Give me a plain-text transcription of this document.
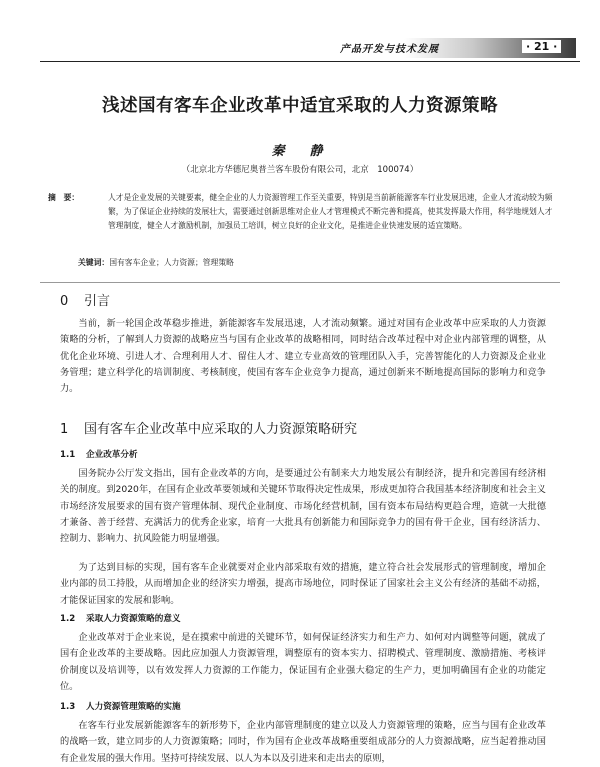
产品开发与技术发展	· 21 ·
浅述国有客车企业改革中适宜采取的人力资源策略
秦　静
（北京北方华德尼奥普兰客车股份有限公司，北京　100074）
摘　要：	人才是企业发展的关键要素，健全企业的人力资源管理工作至关重要，特别是当前新能源客车行业发展迅速，企业人才流动较为频繁，为了保证企业持续的发展壮大，需要通过创新思维对企业人才管理模式不断完善和提高，使其发挥最大作用，科学地规划人才管理制度，健全人才激励机制，加强员工培训，树立良好的企业文化，是推进企业快速发展的适宜策略。
关键词：国有客车企业；人力资源；管理策略
0 引言
当前，新一轮国企改革稳步推进，新能源客车发展迅速，人才流动频繁。通过对国有企业改革中应采取的人力资源策略的分析，了解到人力资源的战略应当与国有企业改革的战略相同，同时结合改革过程中对企业内部管理的调整，从优化企业环境、引进人才、合理利用人才、留住人才、建立专业高效的管理团队入手，完善智能化的人力资源及企业业务管理；建立科学化的培训制度、考核制度，使国有客车企业竞争力提高，通过创新来不断地提高国际的影响力和竞争力。
1 国有客车企业改革中应采取的人力资源策略研究
1.1 企业改革分析
国务院办公厅发文指出，国有企业改革的方向，是要通过公有制来大力地发展公有制经济，提升和完善国有经济相关的制度。到2020年，在国有企业改革要领域和关键环节取得决定性成果，形成更加符合我国基本经济制度和社会主义市场经济发展要求的国有资产管理体制、现代企业制度、市场化经营机制，国有资本布局结构更趋合理，造就一大批德才兼备、善于经营、充满活力的优秀企业家，培育一大批具有创新能力和国际竞争力的国有骨干企业，国有经济活力、控制力、影响力、抗风险能力明显增强。
为了达到目标的实现，国有客车企业就要对企业内部采取有效的措施，建立符合社会发展形式的管理制度，增加企业内部的员工持股，从而增加企业的经济实力增强，提高市场地位，同时保证了国家社会主义公有经济的基础不动摇，才能保证国家的发展和影响。
1.2 采取人力资源策略的意义
企业改革对于企业来说，是在摸索中前进的关键环节，如何保证经济实力和生产力、如何对内调整等问题，就成了国有企业改革的主要战略。因此应加强人力资源管理，调整原有的资本实力、招聘模式、管理制度、激励措施、考核评价制度以及培训等，以有效发挥人力资源的工作能力，保证国有企业强大稳定的生产力，更加明确国有企业的功能定位。
1.3 人力资源管理策略的实施
在客车行业发展新能源客车的新形势下，企业内部管理制度的建立以及人力资源管理的策略，应当与国有企业改革的战略一致，建立同步的人力资源策略；同时，作为国有企业改革战略重要组成部分的人力资源战略，应当起着推动国有企业发展的强大作用。坚持可持续发展、以人为本以及引进来和走出去的原则，
